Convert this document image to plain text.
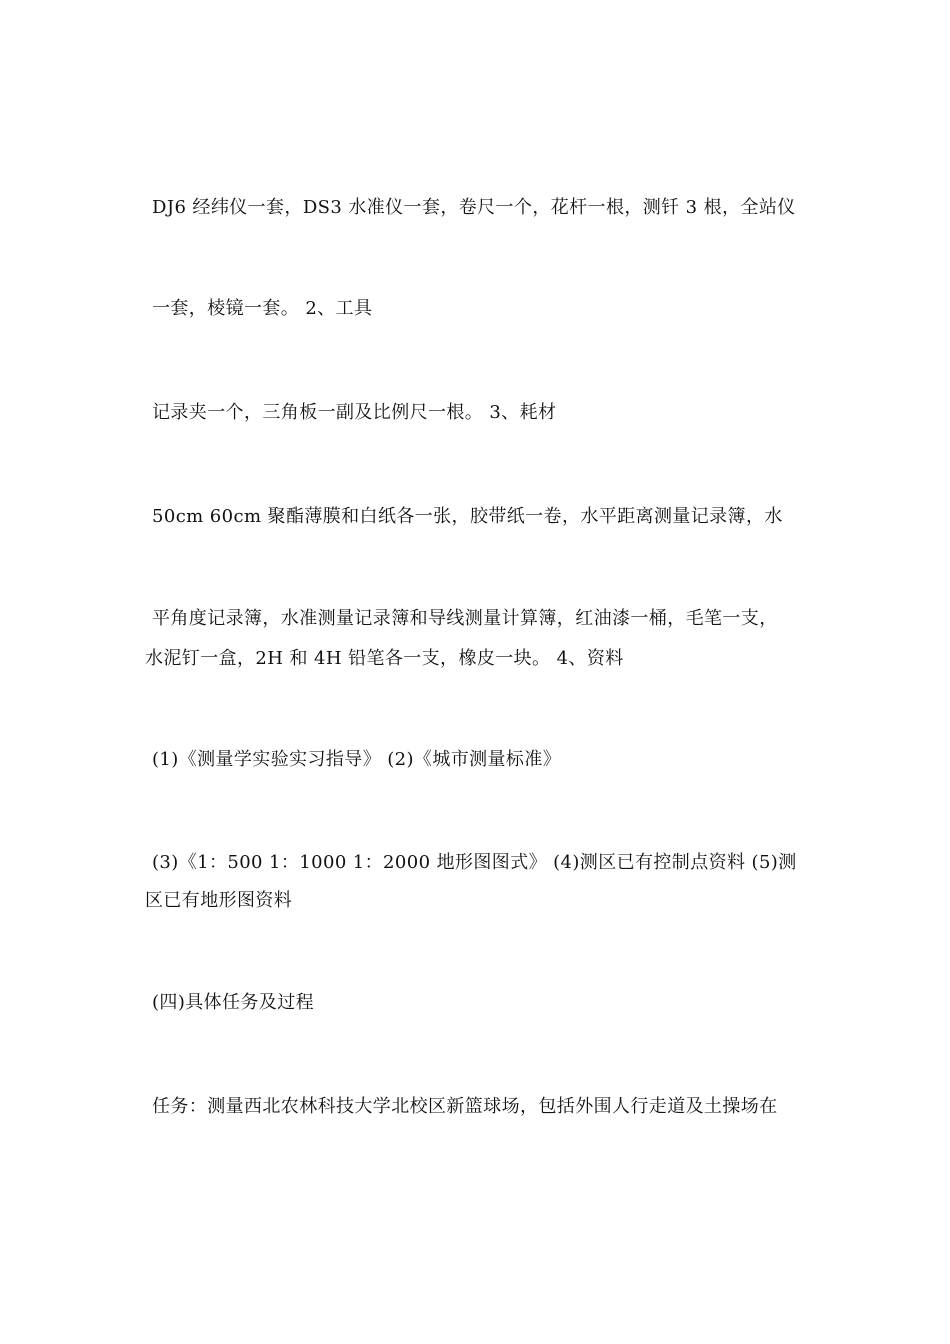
DJ6 经纬仪一套，DS3 水准仪一套，卷尺一个，花杆一根，测钎 3 根，全站仪
一套，棱镜一套。 2、工具
记录夹一个，三角板一副及比例尺一根。 3、耗材
50cm 60cm 聚酯薄膜和白纸各一张，胶带纸一卷，水平距离测量记录簿，水
平角度记录簿，水准测量记录簿和导线测量计算簿，红油漆一桶，毛笔一支，
水泥钉一盒，2H 和 4H 铅笔各一支，橡皮一块。 4、资料
(1)《测量学实验实习指导》 (2)《城市测量标准》
(3)《1：500 1：1000 1：2000 地形图图式》 (4)测区已有控制点资料 (5)测
区已有地形图资料
(四)具体任务及过程
任务：测量西北农林科技大学北校区新篮球场，包括外围人行走道及土操场在
